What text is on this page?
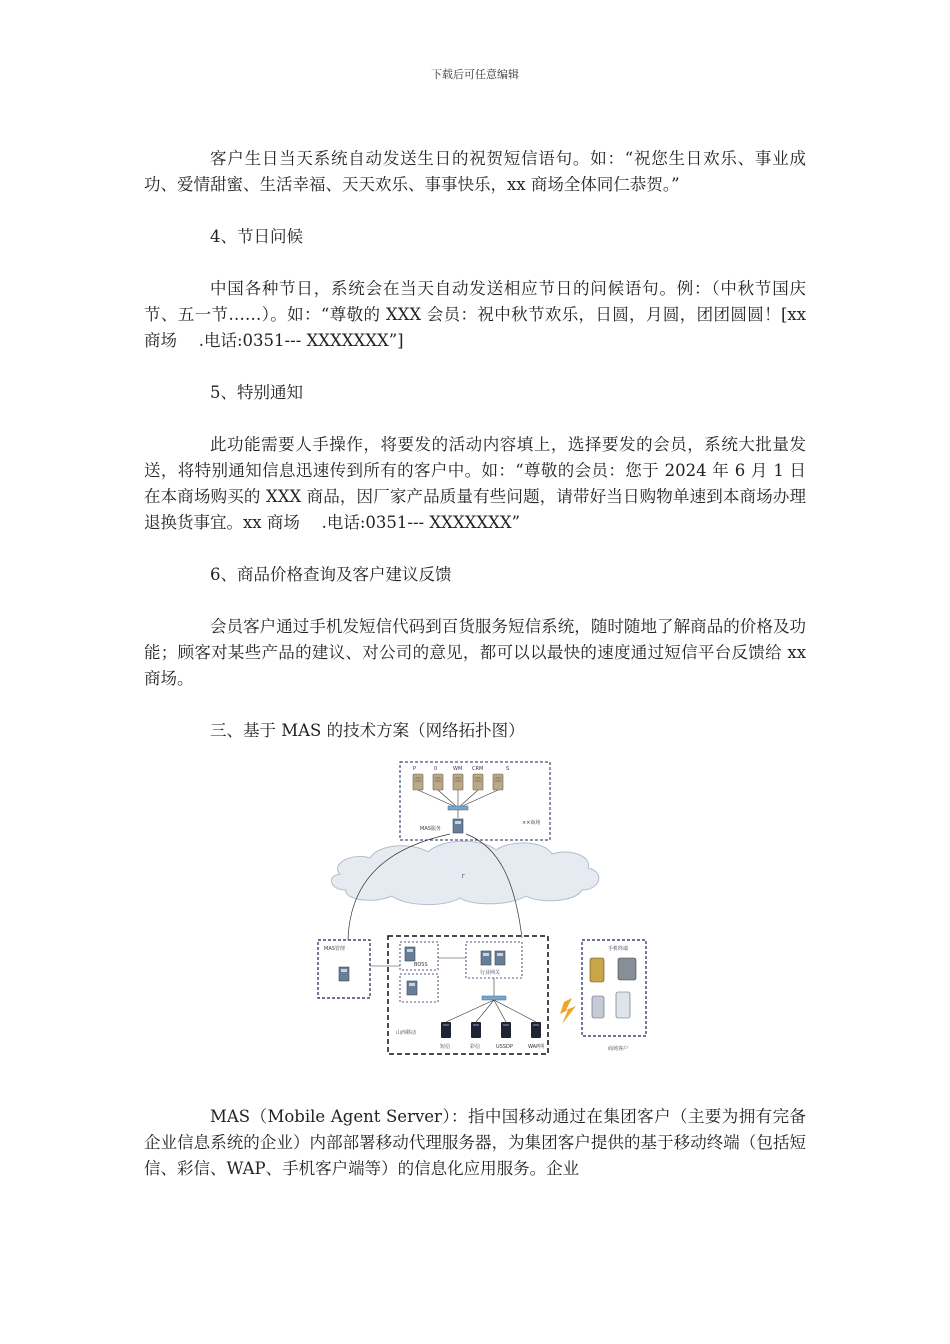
下载后可任意编辑

客户生日当天系统自动发送生日的祝贺短信语句。如：“祝您生日欢乐、事业成功、爱情甜蜜、生活幸福、天天欢乐、事事快乐，xx 商场全体同仁恭贺。”

4、节日问候

中国各种节日，系统会在当天自动发送相应节日的问候语句。例：（中秋节国庆节、五一节……）。如：“尊敬的 XXX 会员：祝中秋节欢乐，日圆，月圆，团团圆圆！[xx 商场　 .电话:0351--- XXXXXXX”]

5、特别通知

此功能需要人手操作，将要发的活动内容填上，选择要发的会员，系统大批量发送，将特别通知信息迅速传到所有的客户中。如：“尊敬的会员：您于 2024 年 6 月 1 日在本商场购买的 XXX 商品，因厂家产品质量有些问题，请带好当日购物单速到本商场办理退换货事宜。xx 商场　 .电话:0351--- XXXXXXX”

6、商品价格查询及客户建议反馈

会员客户通过手机发短信代码到百货服务短信系统，随时随地了解商品的价格及功能；顾客对某些产品的建议、对公司的意见，都可以以最快的速度通过短信平台反馈给 xx 商场。

三、基于 MAS 的技术方案（网络拓扑图）

P	0	WM CRM	S
MAS服务
××商场
Γ
MAS管理
BOSS
行业网关
山西移动
短信	彩信	USSDP	WAP网
手机终端
商场客户

MAS（Mobile Agent Server）：指中国移动通过在集团客户（主要为拥有完备企业信息系统的企业）内部部署移动代理服务器，为集团客户提供的基于移动终端（包括短信、彩信、WAP、手机客户端等）的信息化应用服务。企业
